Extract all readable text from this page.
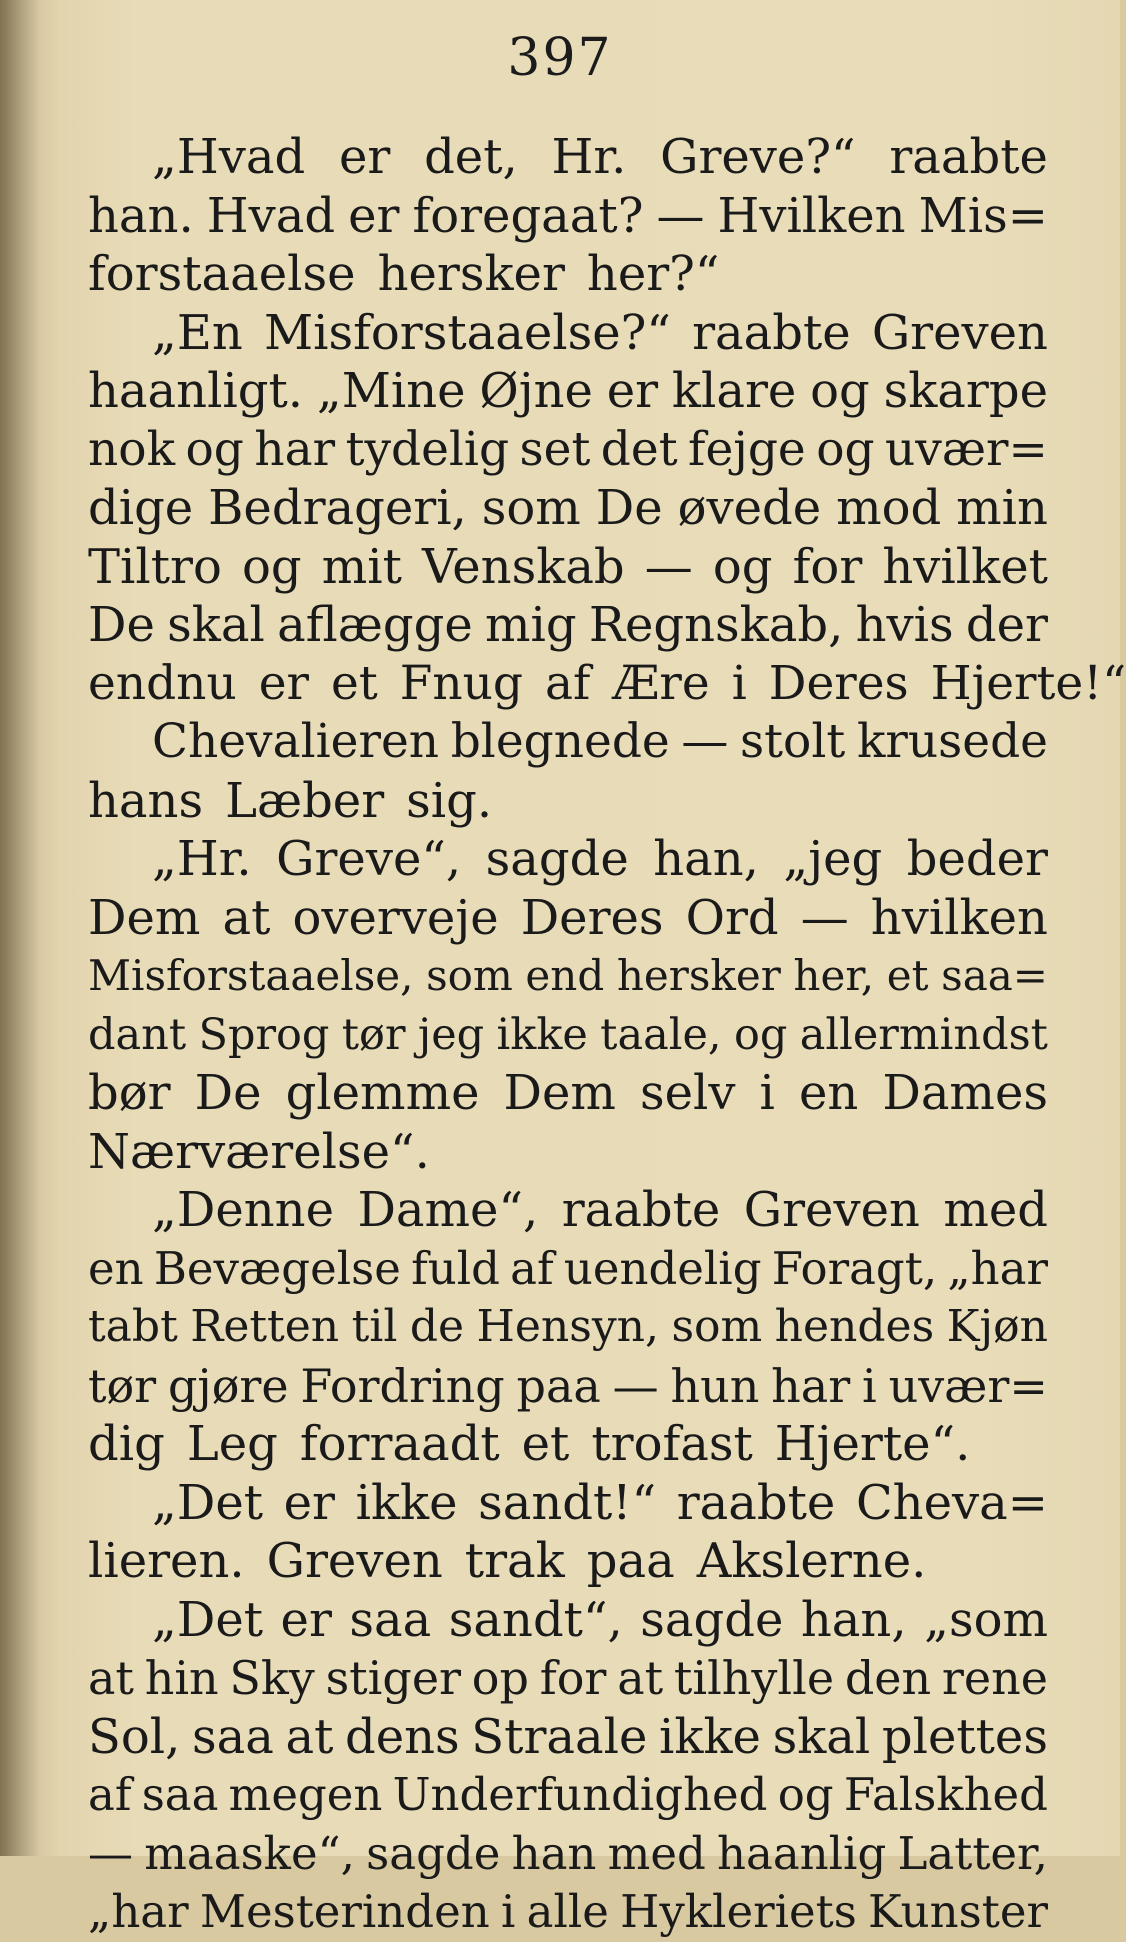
397
„Hvad er det, Hr. Greve?“ raabte
han. Hvad er foregaat? — Hvilken Mis=
forstaaelse hersker her?“
„En Misforstaaelse?“ raabte Greven
haanligt. „Mine Øjne er klare og skarpe
nok og har tydelig set det fejge og uvær=
dige Bedrageri, som De øvede mod min
Tiltro og mit Venskab — og for hvilket
De skal aflægge mig Regnskab, hvis der
endnu er et Fnug af Ære i Deres Hjerte!“
Chevalieren blegnede — stolt krusede
hans Læber sig.
„Hr. Greve“, sagde han, „jeg beder
Dem at overveje Deres Ord — hvilken
Misforstaaelse, som end hersker her, et saa=
dant Sprog tør jeg ikke taale, og allermindst
bør De glemme Dem selv i en Dames
Nærværelse“.
„Denne Dame“, raabte Greven med
en Bevægelse fuld af uendelig Foragt, „har
tabt Retten til de Hensyn, som hendes Kjøn
tør gjøre Fordring paa — hun har i uvær=
dig Leg forraadt et trofast Hjerte“.
„Det er ikke sandt!“ raabte Cheva=
lieren. Greven trak paa Akslerne.
„Det er saa sandt“, sagde han, „som
at hin Sky stiger op for at tilhylle den rene
Sol, saa at dens Straale ikke skal plettes
af saa megen Underfundighed og Falskhed
— maaske“, sagde han med haanlig Latter,
„har Mesterinden i alle Hykleriets Kunster
